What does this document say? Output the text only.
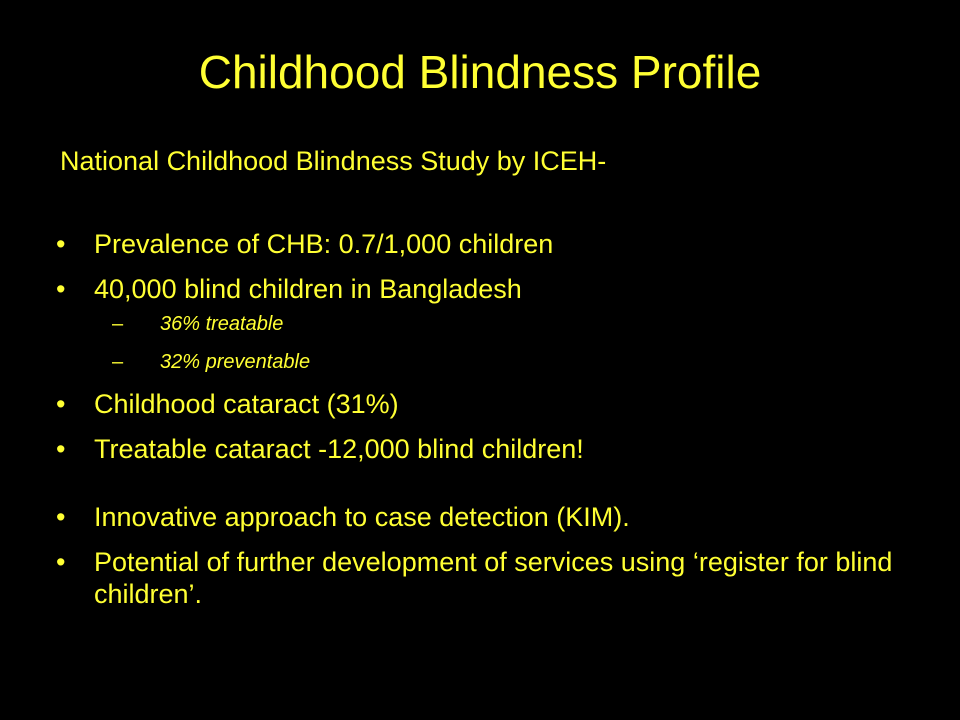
Childhood Blindness Profile

National Childhood Blindness Study by ICEH-

• Prevalence of CHB: 0.7/1,000 children
• 40,000 blind children in Bangladesh
– 36% treatable
– 32% preventable
• Childhood cataract (31%)
• Treatable cataract -12,000 blind children!
• Innovative approach to case detection (KIM).
• Potential of further development of services using ‘register for blind children’.
